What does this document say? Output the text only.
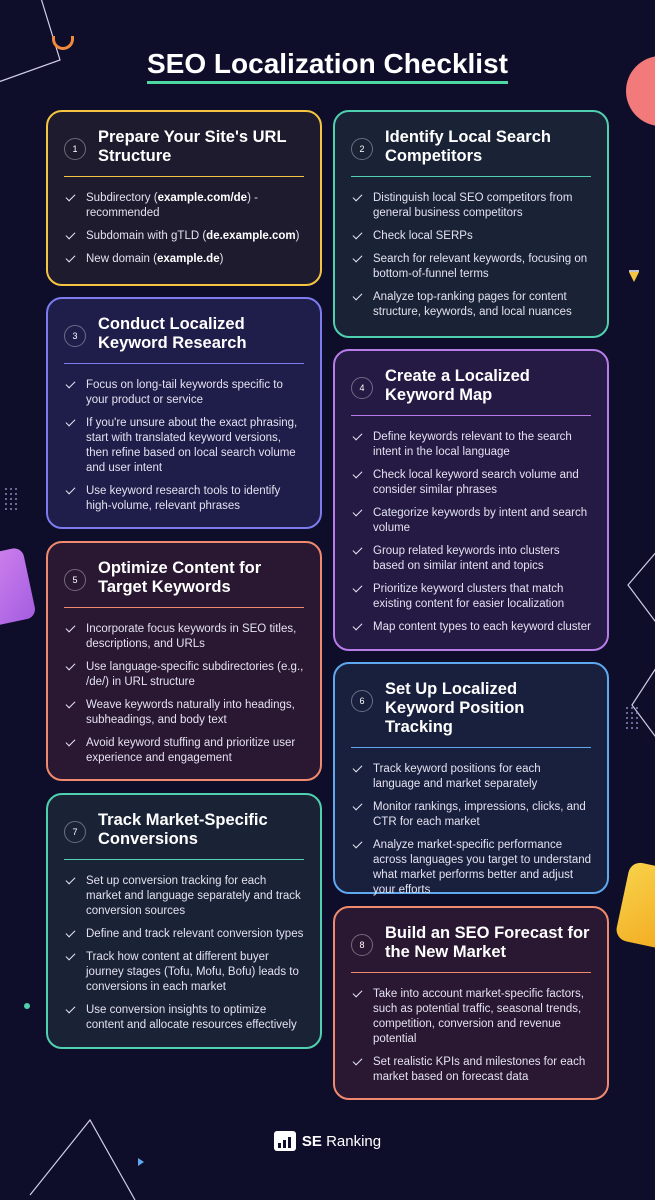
SEO Localization Checklist
1
Prepare Your Site's URL Structure
Subdirectory (example.com/de) - recommended
Subdomain with gTLD (de.example.com)
New domain (example.de)
2
Identify Local Search Competitors
Distinguish local SEO competitors from general business competitors
Check local SERPs
Search for relevant keywords, focusing on bottom-of-funnel terms
Analyze top-ranking pages for content structure, keywords, and local nuances
3
Conduct Localized Keyword Research
Focus on long-tail keywords specific to your product or service
If you're unsure about the exact phrasing, start with translated keyword versions, then refine based on local search volume and user intent
Use keyword research tools to identify high-volume, relevant phrases
4
Create a Localized Keyword Map
Define keywords relevant to the search intent in the local language
Check local keyword search volume and consider similar phrases
Categorize keywords by intent and search volume
Group related keywords into clusters based on similar intent and topics
Prioritize keyword clusters that match existing content for easier localization
Map content types to each keyword cluster
5
Optimize Content for Target Keywords
Incorporate focus keywords in SEO titles, descriptions, and URLs
Use language-specific subdirectories (e.g., /de/) in URL structure
Weave keywords naturally into headings, subheadings, and body text
Avoid keyword stuffing and prioritize user experience and engagement
6
Set Up Localized Keyword Position Tracking
Track keyword positions for each language and market separately
Monitor rankings, impressions, clicks, and CTR for each market
Analyze market-specific performance across languages you target to understand what market performs better and adjust your efforts
7
Track Market-Specific Conversions
Set up conversion tracking for each market and language separately and track conversion sources
Define and track relevant conversion types
Track how content at different buyer journey stages (Tofu, Mofu, Bofu) leads to conversions in each market
Use conversion insights to optimize content and allocate resources effectively
8
Build an SEO Forecast for the New Market
Take into account market-specific factors, such as potential traffic, seasonal trends, competition, conversion and revenue potential
Set realistic KPIs and milestones for each market based on forecast data
SE Ranking
